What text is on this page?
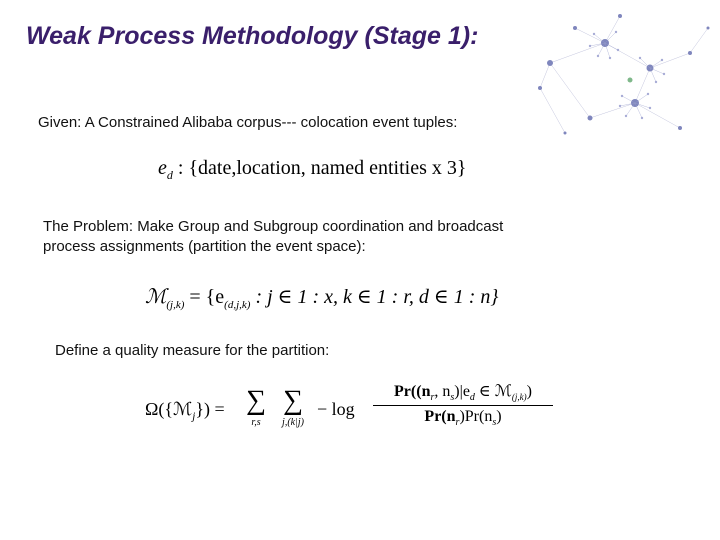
Weak Process Methodology (Stage 1):
Given: A Constrained Alibaba corpus--- colocation event tuples:
$e_d$ : {date,location, named entities x 3}
The Problem: Make Group and Subgroup coordination and broadcast
process assignments (partition the event space):
ℳ$_{(j,k)}$ = {$e_{(d,j,k)}$ : j ∈ 1 : x, k ∈ 1 : r, d ∈ 1 : n}
Define a quality measure for the partition:
Ω({ℳ$_j$}) = ∑
r,s
∑
j,(k|j)
− log
$Pr((n_r$, $n_s)|e_d$ ∈ ℳ$_{(j,k)}$)
$Pr(n_r)Pr(n_s)$
